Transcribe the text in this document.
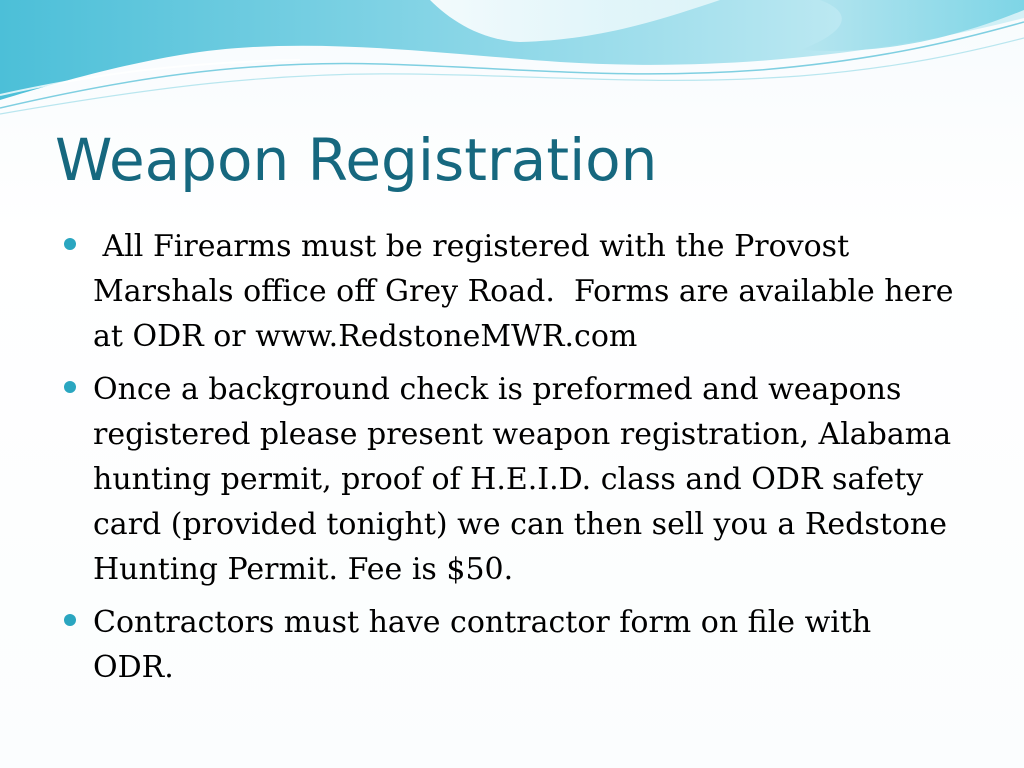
Weapon Registration
All Firearms must be registered with the Provost Marshals office off Grey Road.  Forms are available here at ODR or www.RedstoneMWR.com
Once a background check is preformed and weapons registered please present weapon registration, Alabama hunting permit, proof of H.E.I.D. class and ODR safety card (provided tonight) we can then sell you a Redstone Hunting Permit. Fee is $50.
Contractors must have contractor form on file with ODR.
